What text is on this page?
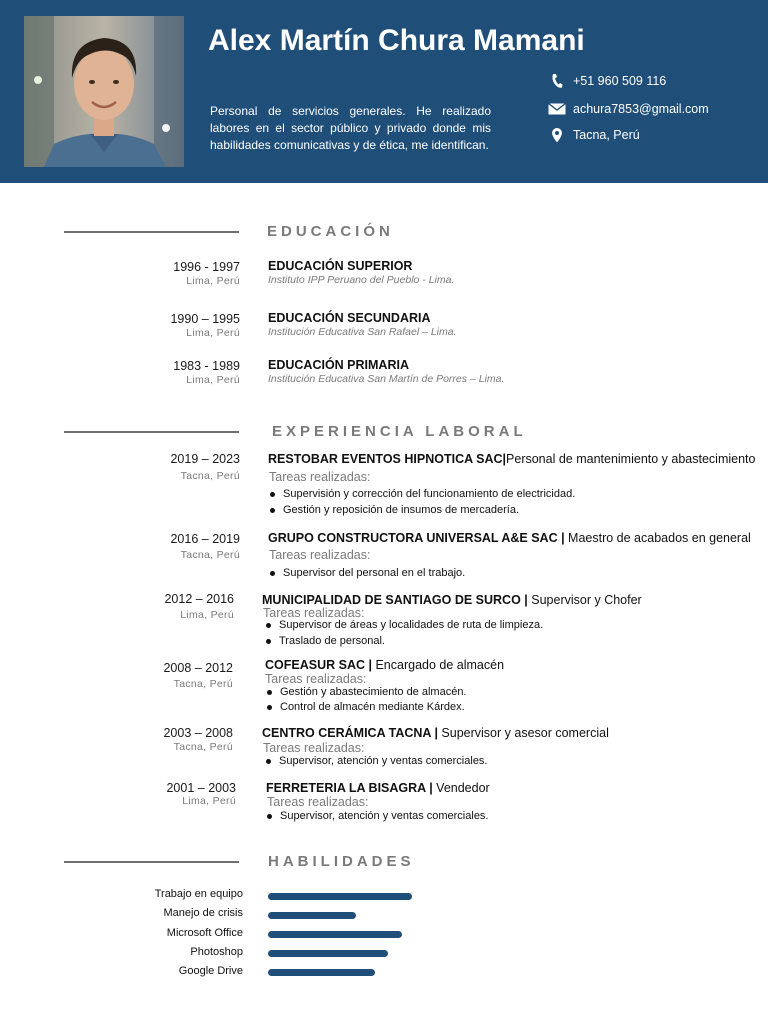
Alex Martín Chura Mamani
Personal de servicios generales. He realizado labores en el sector público y privado donde mis habilidades comunicativas y de ética, me identifican.
+51 960 509 116
achura7853@gmail.com
Tacna, Perú
EDUCACIÓN
1996 - 1997
Lima, Perú
EDUCACIÓN SUPERIOR
Instituto IPP Peruano del Pueblo - Lima.
1990 – 1995
Lima, Perú
EDUCACIÓN SECUNDARIA
Institución Educativa San Rafael – Lima.
1983 - 1989
Lima, Perú
EDUCACIÓN PRIMARIA
Institución Educativa San Martín de Porres – Lima.
EXPERIENCIA LABORAL
2019 – 2023
Tacna, Perú
RESTOBAR EVENTOS HIPNOTICA SAC|Personal de mantenimiento y abastecimiento
Tareas realizadas:
Supervisión y corrección del funcionamiento de electricidad.
Gestión y reposición de insumos de mercadería.
2016 – 2019
Tacna, Perú
GRUPO CONSTRUCTORA UNIVERSAL A&E SAC | Maestro de acabados en general
Tareas realizadas:
Supervisor del personal en el trabajo.
2012 – 2016
Lima, Perú
MUNICIPALIDAD DE SANTIAGO DE SURCO | Supervisor y Chofer
Tareas realizadas:
Supervisor de áreas y localidades de ruta de limpieza.
Traslado de personal.
2008 – 2012
Tacna, Perú
COFEASUR SAC | Encargado de almacén
Tareas realizadas:
Gestión y abastecimiento de almacén.
Control de almacén mediante Kárdex.
2003 – 2008
Tacna, Perú
CENTRO CERÁMICA TACNA | Supervisor y asesor comercial
Tareas realizadas:
Supervisor, atención y ventas comerciales.
2001 – 2003
Lima, Perú
FERRETERIA LA BISAGRA | Vendedor
Tareas realizadas:
Supervisor, atención y ventas comerciales.
HABILIDADES
Trabajo en equipo
Manejo de crisis
Microsoft Office
Photoshop
Google Drive
